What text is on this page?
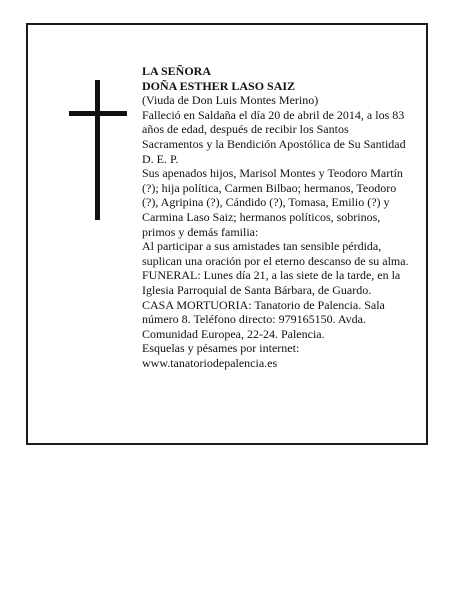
LA SEÑORA
DOÑA ESTHER LASO SAIZ
(Viuda de Don Luis Montes Merino)
Falleció en Saldaña el día 20 de abril de 2014, a los 83
años de edad, después de recibir los Santos
Sacramentos y la Bendición Apostólica de Su Santidad
D. E. P.
Sus apenados hijos, Marisol Montes y Teodoro Martín
(?); hija política, Carmen Bilbao; hermanos, Teodoro
(?), Agripina (?), Cándido (?), Tomasa, Emilio (?) y
Carmina Laso Saiz; hermanos políticos, sobrinos,
primos y demás familia:
Al participar a sus amistades tan sensible pérdida,
suplican una oración por el eterno descanso de su alma.
FUNERAL: Lunes día 21, a las siete de la tarde, en la
Iglesia Parroquial de Santa Bárbara, de Guardo.
CASA MORTUORIA: Tanatorio de Palencia. Sala
número 8. Teléfono directo: 979165150. Avda.
Comunidad Europea, 22-24. Palencia.
Esquelas y pésames por internet:
www.tanatoriodepalencia.es
